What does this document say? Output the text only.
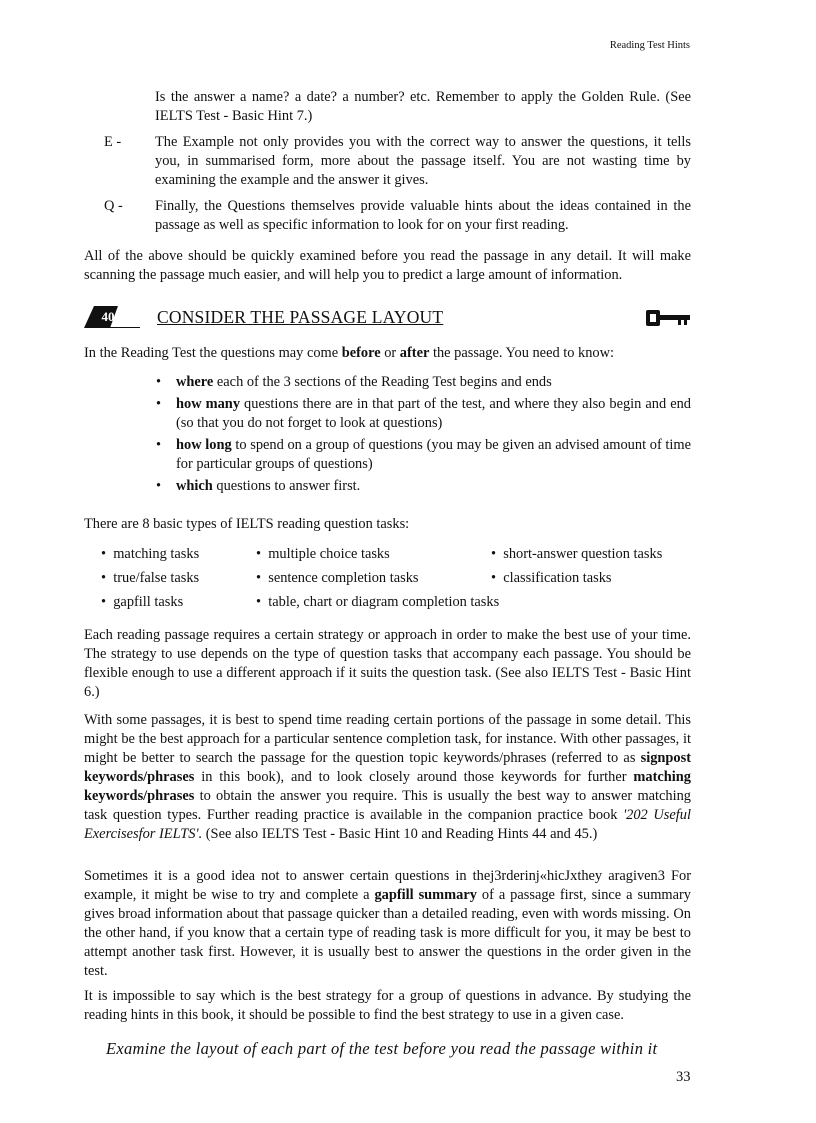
Reading Test Hints
Is the answer a name? a date? a number? etc. Remember to apply the Golden Rule. (See IELTS Test - Basic Hint 7.)
E -	The Example not only provides you with the correct way to answer the questions, it tells you, in summarised form, more about the passage itself. You are not wasting time by examining the example and the answer it gives.
Q -	Finally, the Questions themselves provide valuable hints about the ideas contained in the passage as well as specific information to look for on your first reading.
All of the above should be quickly examined before you read the passage in any detail. It will make scanning the passage much easier, and will help you to predict a large amount of information.
40	CONSIDER THE PASSAGE LAYOUT
In the Reading Test the questions may come before or after the passage. You need to know:
•	where each of the 3 sections of the Reading Test begins and ends
•	how many questions there are in that part of the test, and where they also begin and end (so that you do not forget to look at questions)
•	how long to spend on a group of questions (you may be given an advised amount of time for particular groups of questions)
•	which questions to answer first.
There are 8 basic types of IELTS reading question tasks:
•  matching tasks	•  multiple choice tasks	•  short-answer question tasks
•  true/false tasks	•  sentence completion tasks	•  classification tasks
•  gapfill tasks	•  table, chart or diagram completion tasks
Each reading passage requires a certain strategy or approach in order to make the best use of your time. The strategy to use depends on the type of question tasks that accompany each passage. You should be flexible enough to use a different approach if it suits the question task. (See also IELTS Test - Basic Hint 6.)
With some passages, it is best to spend time reading certain portions of the passage in some detail. This might be the best approach for a particular sentence completion task, for instance. With other passages, it might be better to search the passage for the question topic keywords/phrases (referred to as signpost keywords/phrases in this book), and to look closely around those keywords for further matching keywords/phrases to obtain the answer you require. This is usually the best way to answer matching task question types. Further reading practice is available in the companion practice book '202 Useful Exercisesfor IELTS'. (See also IELTS Test - Basic Hint 10 and Reading Hints 44 and 45.)
Sometimes it is a good idea not to answer certain questions in thej3rderinj«hicJxthey aragiven3 For example, it might be wise to try and complete a gapfill summary of a passage first, since a summary gives broad information about that passage quicker than a detailed reading, even with words missing. On the other hand, if you know that a certain type of reading task is more difficult for you, it may be best to attempt another task first. However, it is usually best to answer the questions in the order given in the test.
It is impossible to say which is the best strategy for a group of questions in advance. By studying the reading hints in this book, it should be possible to find the best strategy to use in a given case.
Examine the layout of each part of the test before you read the passage within it
33
